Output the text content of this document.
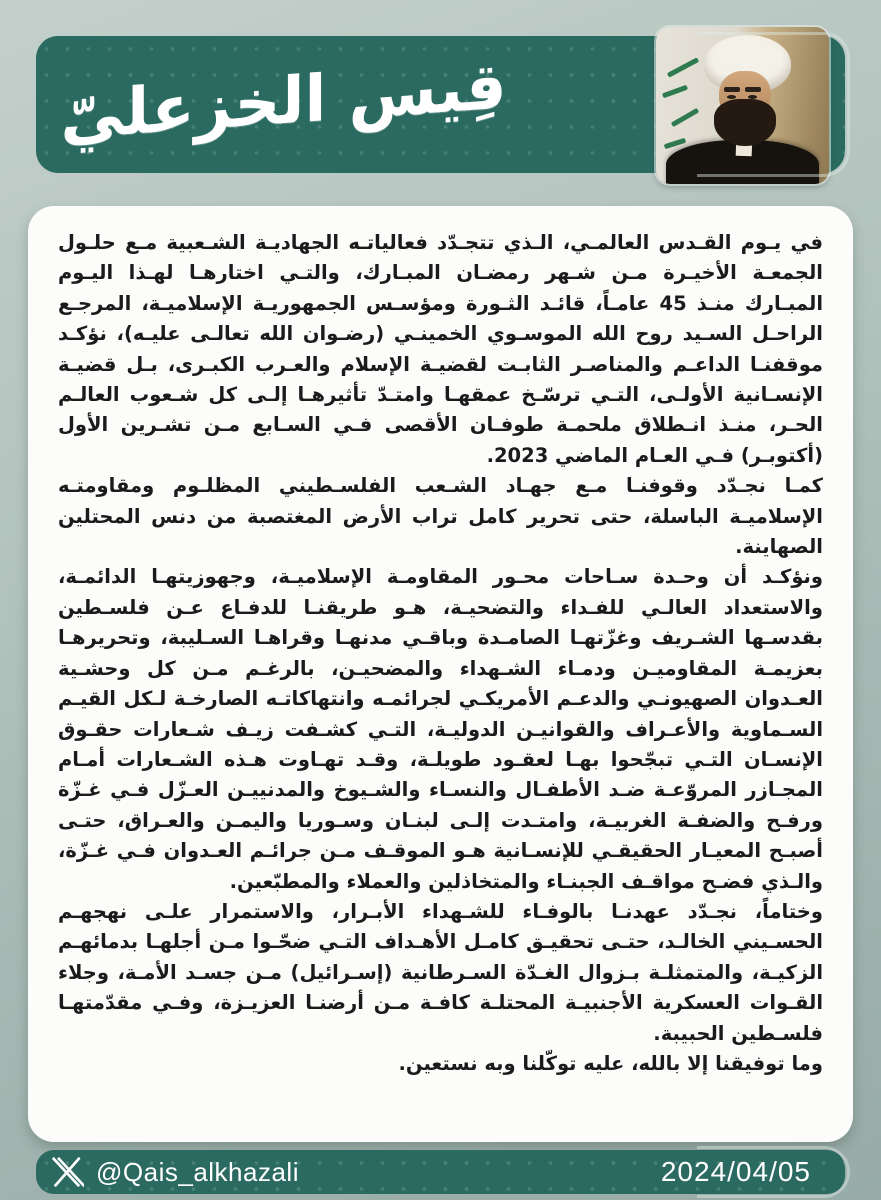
قِيس الخزعليّ

في يـوم القـدس العالمـي، الـذي تتجـدّد فعالياتـه الجهاديـة الشـعبية مـع حلـول الجمعـة الأخيـرة مـن شـهر رمضـان المبـارك، والتـي اختارهـا لهـذا اليـوم المبـارك منـذ 45 عامـاً، قائـد الثـورة ومؤسـس الجمهوريـة الإسلاميـة، المرجـع الراحـل السـيد روح الله الموسـوي الخمينـي (رضـوان الله تعالـى عليـه)، نؤكـد موقفنـا الداعـم والمناصـر الثابـت لقضيـة الإسلام والعـرب الكبـرى، بـل قضيـة الإنسـانية الأولـى، التـي ترسّـخ عمقهـا وامتـدّ تأثيرهـا إلـى كل شـعوب العالـم الحـر، منـذ انـطلاق ملحمـة طوفـان الأقصى فـي السـابع مـن تشـرين الأول (أكتوبـر) فـي العـام الماضي 2023.

كمـا نجـدّد وقوفنـا مـع جهـاد الشـعب الفلسـطيني المظلـوم ومقاومتـه الإسلاميـة الباسلة، حتى تحرير كامل تراب الأرض المغتصبة من دنس المحتلين الصهاينة.

ونؤكـد أن وحـدة سـاحات محـور المقاومـة الإسلاميـة، وجهوزيتهـا الدائمـة، والاستعداد العالـي للفـداء والتضحيـة، هـو طريقنـا للدفـاع عـن فلسـطين بقدسـها الشـريف وغزّتهـا الصامـدة وباقـي مدنهـا وقراهـا السـليبة، وتحريرهـا بعزيمـة المقاوميـن ودمـاء الشـهداء والمضحيـن، بالرغـم مـن كل وحشـية العـدوان الصهيونـي والدعـم الأمريكـي لجرائمـه وانتهاكاتـه الصارخـة لـكل القيـم السـماوية والأعـراف والقوانيـن الدوليـة، التـي كشـفت زيـف شـعارات حقـوق الإنسـان التـي تبجّحوا بهـا لعقـود طويلـة، وقـد تهـاوت هـذه الشـعارات أمـام المجـازر المروّعـة ضـد الأطفـال والنسـاء والشـيوخ والمدنييـن العـزّل فـي غـزّة ورفـح والضفـة الغربيـة، وامتـدت إلـى لبنـان وسـوريا واليمـن والعـراق، حتـى أصبـح المعيـار الحقيقـي للإنسـانية هـو الموقـف مـن جرائـم العـدوان فـي غـزّة، والـذي فضـح مواقـف الجبنـاء والمتخاذلين والعملاء والمطبّعين.

وختاماً، نجـدّد عهدنـا بالوفـاء للشـهداء الأبـرار، والاستمرار علـى نهجهـم الحسـيني الخالـد، حتـى تحقيـق كامـل الأهـداف التـي ضحّـوا مـن أجلهـا بدمائهـم الزكيـة، والمتمثلـة بـزوال الغـدّة السـرطانية (إسـرائيل) مـن جسـد الأمـة، وجلاء القـوات العسكرية الأجنبيـة المحتلـة كافـة مـن أرضنـا العزيـزة، وفـي مقدّمتهـا فلسـطين الحبيبة.

وما توفيقنا إلا بالله، عليه توكّلنا وبه نستعين.

@Qais_alkhazali	2024/04/05
